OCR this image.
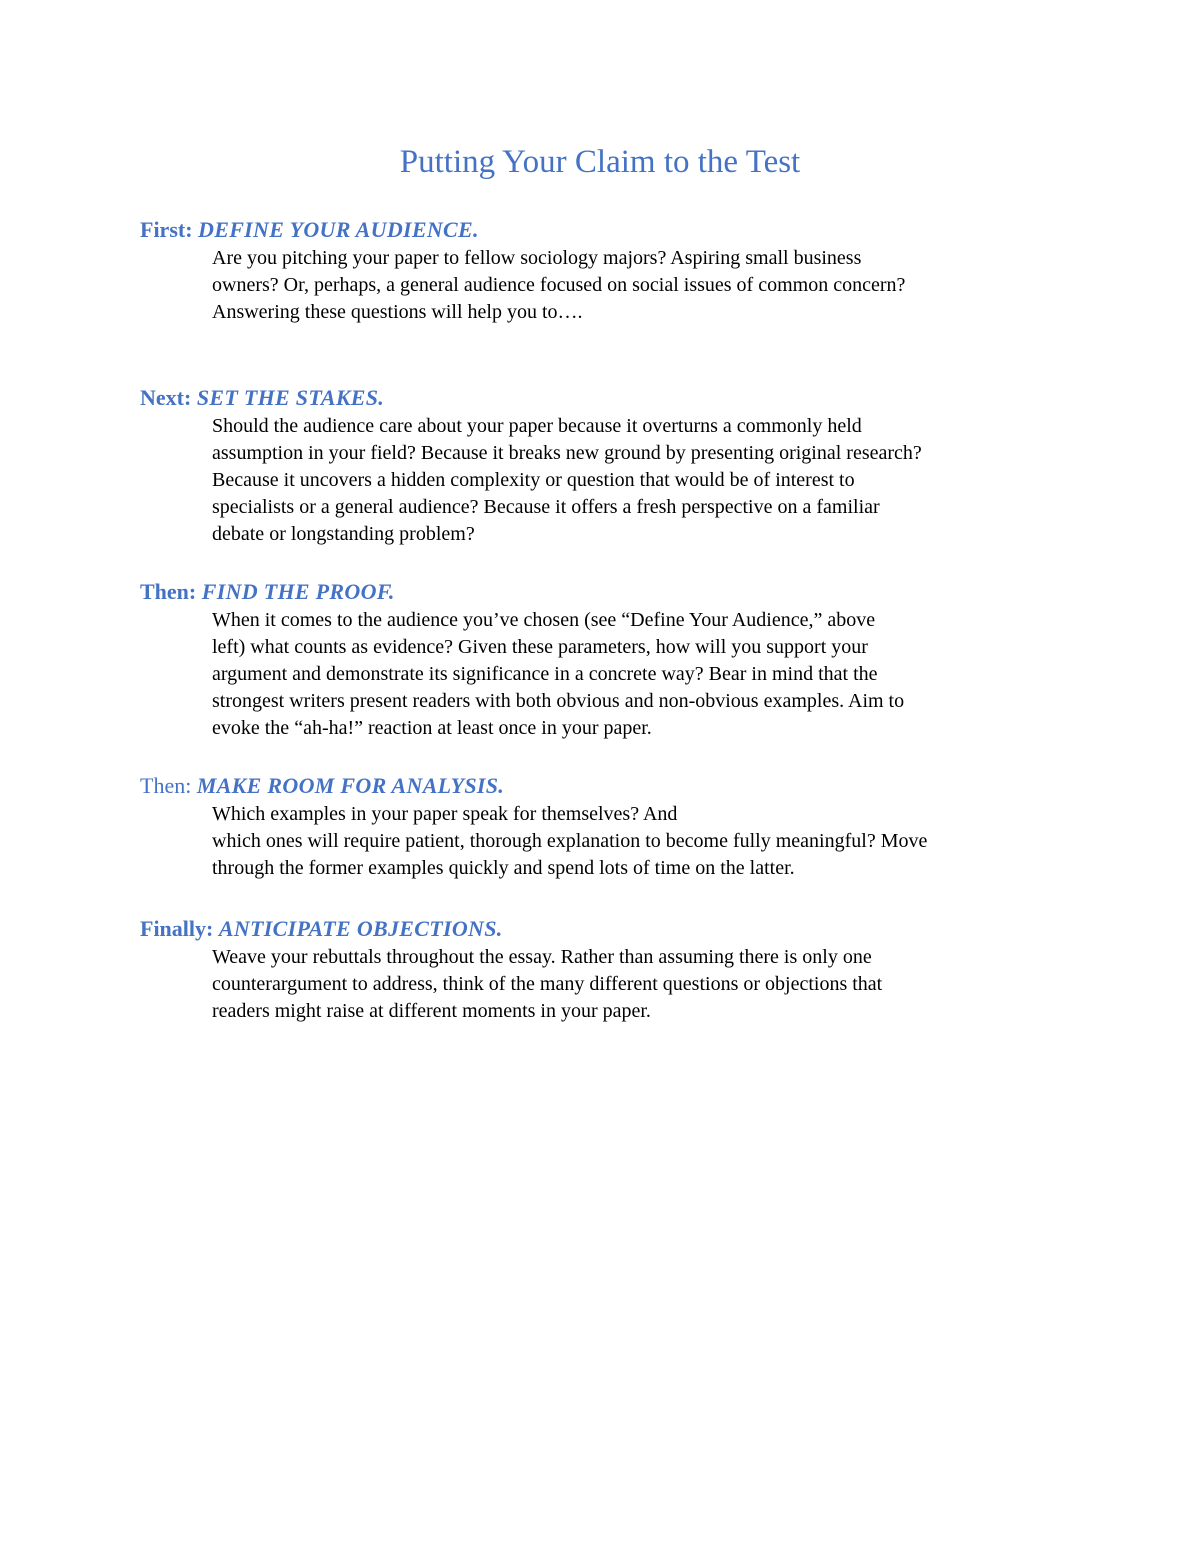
Putting Your Claim to the Test

First: DEFINE YOUR AUDIENCE.

Are you pitching your paper to fellow sociology majors? Aspiring small business
owners? Or, perhaps, a general audience focused on social issues of common concern?
Answering these questions will help you to….

Next: SET THE STAKES.

Should the audience care about your paper because it overturns a commonly held
assumption in your field? Because it breaks new ground by presenting original research?
Because it uncovers a hidden complexity or question that would be of interest to
specialists or a general audience? Because it offers a fresh perspective on a familiar
debate or longstanding problem?

Then: FIND THE PROOF.

When it comes to the audience you’ve chosen (see “Define Your Audience,” above
left) what counts as evidence? Given these parameters, how will you support your
argument and demonstrate its significance in a concrete way? Bear in mind that the
strongest writers present readers with both obvious and non-obvious examples. Aim to
evoke the “ah-ha!” reaction at least once in your paper.

Then: MAKE ROOM FOR ANALYSIS.

Which examples in your paper speak for themselves? And
which ones will require patient, thorough explanation to become fully meaningful? Move
through the former examples quickly and spend lots of time on the latter.

Finally: ANTICIPATE OBJECTIONS.

Weave your rebuttals throughout the essay. Rather than assuming there is only one
counterargument to address, think of the many different questions or objections that
readers might raise at different moments in your paper.
